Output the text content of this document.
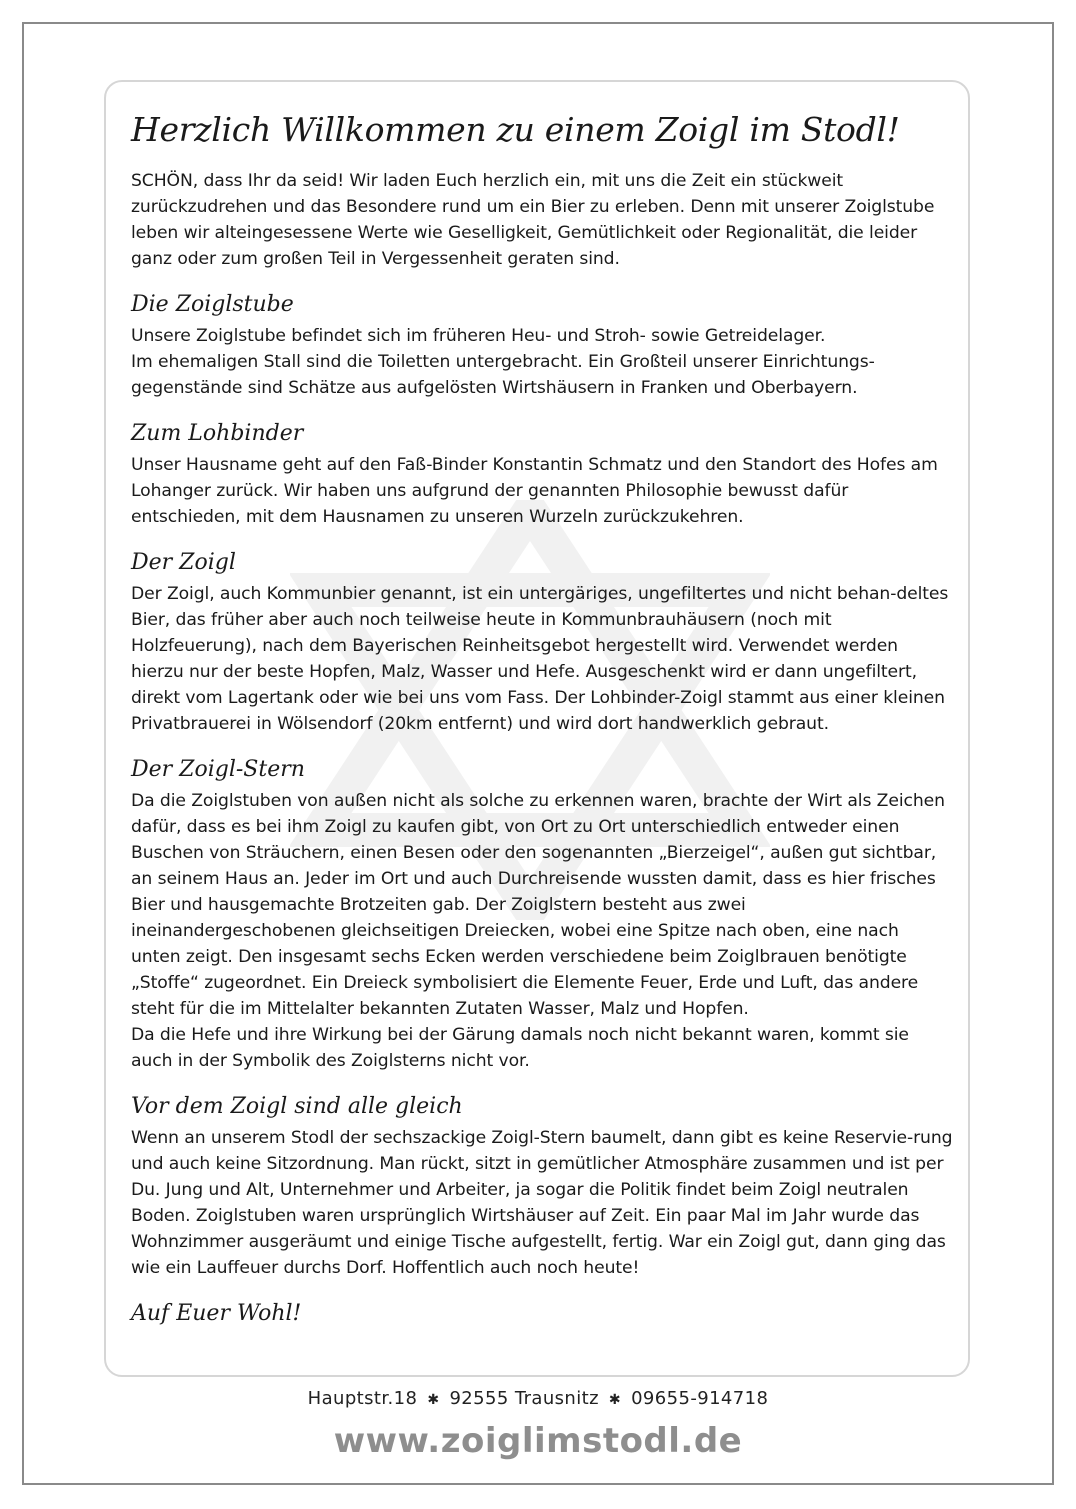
Herzlich Willkommen zu einem Zoigl im Stodl!

SCHÖN, dass Ihr da seid! Wir laden Euch herzlich ein, mit uns die Zeit ein stückweit zurückzudrehen und das Besondere rund um ein Bier zu erleben. Denn mit unserer Zoiglstube leben wir alteingesessene Werte wie Geselligkeit, Gemütlichkeit oder Regionalität, die leider ganz oder zum großen Teil in Vergessenheit geraten sind.

Die Zoiglstube

Unsere Zoiglstube befindet sich im früheren Heu- und Stroh- sowie Getreidelager.

Im ehemaligen Stall sind die Toiletten untergebracht. Ein Großteil unserer Einrichtungs-gegenstände sind Schätze aus aufgelösten Wirtshäusern in Franken und Oberbayern.

Zum Lohbinder

Unser Hausname geht auf den Faß-Binder Konstantin Schmatz und den Standort des Hofes am Lohanger zurück. Wir haben uns aufgrund der genannten Philosophie bewusst dafür entschieden, mit dem Hausnamen zu unseren Wurzeln zurückzukehren.

Der Zoigl

Der Zoigl, auch Kommunbier genannt, ist ein untergäriges, ungefiltertes und nicht behan-deltes Bier, das früher aber auch noch teilweise heute in Kommunbrauhäusern (noch mit Holzfeuerung), nach dem Bayerischen Reinheitsgebot hergestellt wird. Verwendet werden hierzu nur der beste Hopfen, Malz, Wasser und Hefe. Ausgeschenkt wird er dann ungefiltert, direkt vom Lagertank oder wie bei uns vom Fass. Der Lohbinder-Zoigl stammt aus einer kleinen Privatbrauerei in Wölsendorf (20km entfernt) und wird dort handwerklich gebraut.

Der Zoigl-Stern

Da die Zoiglstuben von außen nicht als solche zu erkennen waren, brachte der Wirt als Zeichen dafür, dass es bei ihm Zoigl zu kaufen gibt, von Ort zu Ort unterschiedlich entweder einen Buschen von Sträuchern, einen Besen oder den sogenannten „Bierzeigel“, außen gut sichtbar, an seinem Haus an. Jeder im Ort und auch Durchreisende wussten damit, dass es hier frisches Bier und hausgemachte Brotzeiten gab. Der Zoiglstern besteht aus zwei ineinandergeschobenen gleichseitigen Dreiecken, wobei eine Spitze nach oben, eine nach unten zeigt. Den insgesamt sechs Ecken werden verschiedene beim Zoiglbrauen benötigte „Stoffe“ zugeordnet. Ein Dreieck symbolisiert die Elemente Feuer, Erde und Luft, das andere steht für die im Mittelalter bekannten Zutaten Wasser, Malz und Hopfen.

Da die Hefe und ihre Wirkung bei der Gärung damals noch nicht bekannt waren, kommt sie auch in der Symbolik des Zoiglsterns nicht vor.

Vor dem Zoigl sind alle gleich

Wenn an unserem Stodl der sechszackige Zoigl-Stern baumelt, dann gibt es keine Reservie-rung und auch keine Sitzordnung. Man rückt, sitzt in gemütlicher Atmosphäre zusammen und ist per Du. Jung und Alt, Unternehmer und Arbeiter, ja sogar die Politik findet beim Zoigl neutralen Boden. Zoiglstuben waren ursprünglich Wirtshäuser auf Zeit. Ein paar Mal im Jahr wurde das Wohnzimmer ausgeräumt und einige Tische aufgestellt, fertig. War ein Zoigl gut, dann ging das wie ein Lauffeuer durchs Dorf. Hoffentlich auch noch heute!

Auf Euer Wohl!
Hauptstr.18 ✱ 92555 Trausnitz ✱ 09655-914718
www.zoiglimstodl.de
